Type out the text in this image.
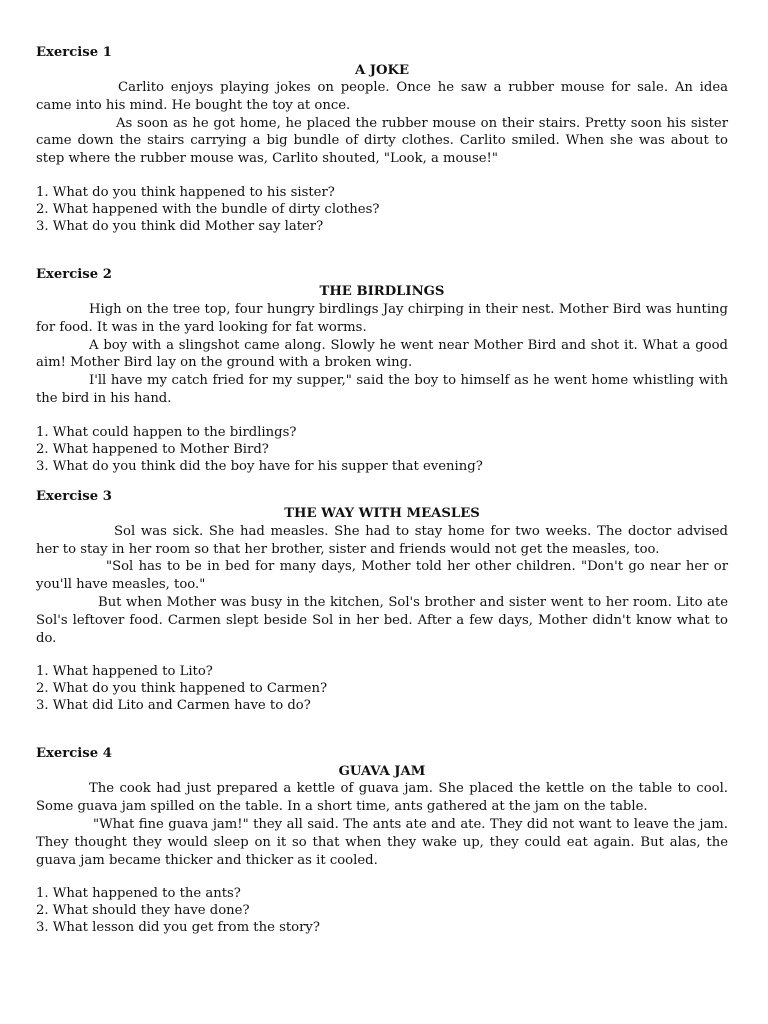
Exercise 1
A JOKE

Carlito enjoys playing jokes on people. Once he saw a rubber mouse for sale. An idea came into his mind. He bought the toy at once.

As soon as he got home, he placed the rubber mouse on their stairs. Pretty soon his sister came down the stairs carrying a big bundle of dirty clothes. Carlito smiled. When she was about to step where the rubber mouse was, Carlito shouted, "Look, a mouse!"

1. What do you think happened to his sister?
2. What happened with the bundle of dirty clothes?
3. What do you think did Mother say later?
Exercise 2
THE BIRDLINGS

High on the tree top, four hungry birdlings Jay chirping in their nest. Mother Bird was hunting for food. It was in the yard looking for fat worms.

A boy with a slingshot came along. Slowly he went near Mother Bird and shot it. What a good aim! Mother Bird lay on the ground with a broken wing.

I'll have my catch fried for my supper," said the boy to himself as he went home whistling with the bird in his hand.

1. What could happen to the birdlings?
2. What happened to Mother Bird?
3. What do you think did the boy have for his supper that evening?
Exercise 3
THE WAY WITH MEASLES

Sol was sick. She had measles. She had to stay home for two weeks. The doctor advised her to stay in her room so that her brother, sister and friends would not get the measles, too.

"Sol has to be in bed for many days, Mother told her other children. "Don't go near her or you'll have measles, too."

But when Mother was busy in the kitchen, Sol's brother and sister went to her room. Lito ate Sol's leftover food. Carmen slept beside Sol in her bed. After a few days, Mother didn't know what to do.

1. What happened to Lito?
2. What do you think happened to Carmen?
3. What did Lito and Carmen have to do?
Exercise 4
GUAVA JAM

The cook had just prepared a kettle of guava jam. She placed the kettle on the table to cool. Some guava jam spilled on the table. In a short time, ants gathered at the jam on the table.

"What fine guava jam!" they all said. The ants ate and ate. They did not want to leave the jam. They thought they would sleep on it so that when they wake up, they could eat again. But alas, the guava jam became thicker and thicker as it cooled.

1. What happened to the ants?
2. What should they have done?
3. What lesson did you get from the story?
